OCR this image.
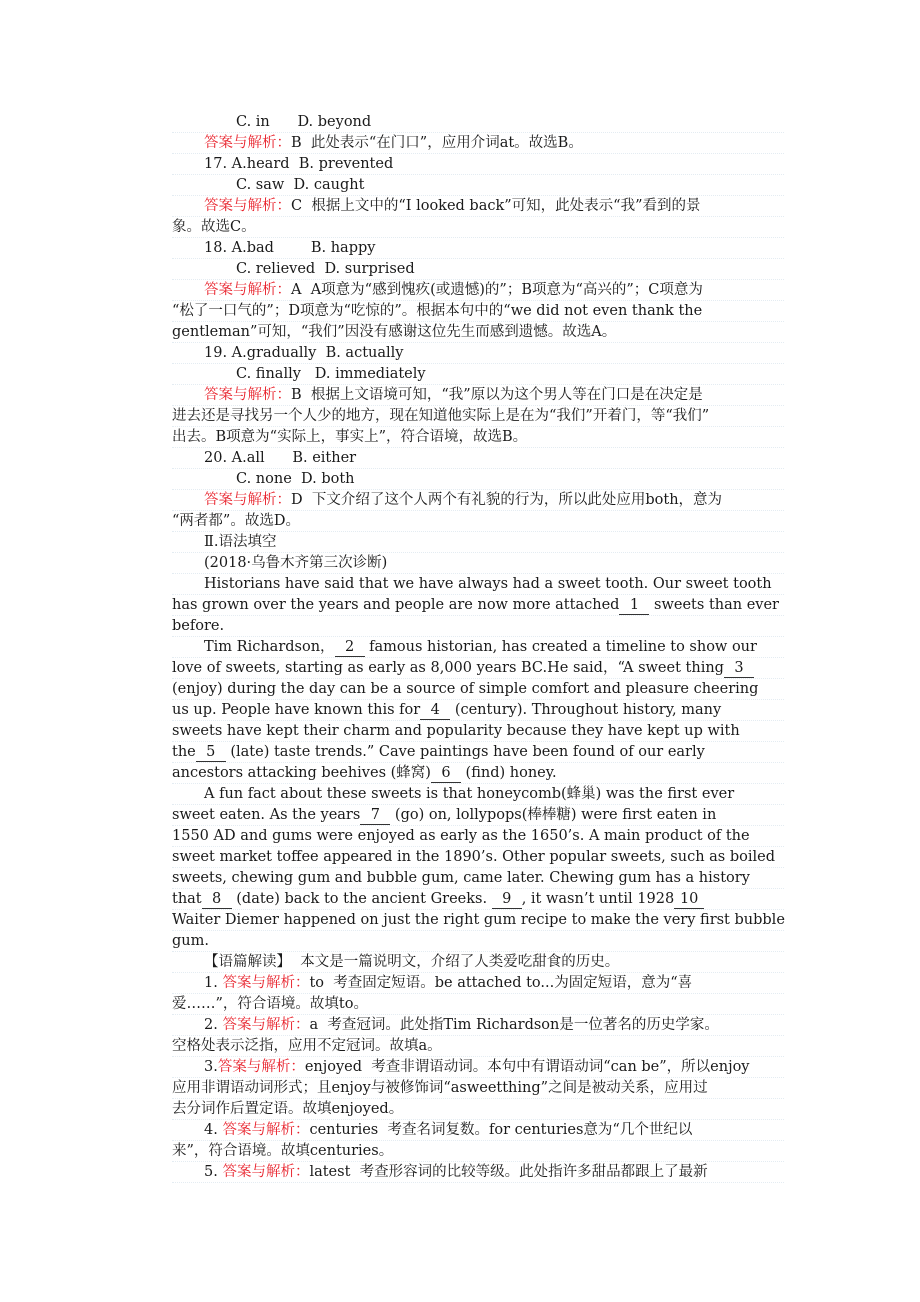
C. in D. beyond
答案与解析：B 此处表示“在门口”，应用介词at。故选B。
17. A.heard B. prevented
C. saw D. caught
答案与解析：C 根据上文中的“I looked back”可知，此处表示“我”看到的景
象。故选C。
18. A.bad	B. happy
C. relieved D. surprised
答案与解析：A A项意为“感到愧疚(或遗憾)的”；B项意为“高兴的”；C项意为
“松了一口气的”；D项意为“吃惊的”。根据本句中的“we did not even thank the
gentleman”可知，“我们”因没有感谢这位先生而感到遗憾。故选A。
19. A.gradually B. actually
C. finally D. immediately
答案与解析：B 根据上文语境可知，“我”原以为这个男人等在门口是在决定是
进去还是寻找另一个人少的地方，现在知道他实际上是在为“我们”开着门，等“我们”
出去。B项意为“实际上，事实上”，符合语境，故选B。
20. A.all B. either
C. none D. both
答案与解析：D 下文介绍了这个人两个有礼貌的行为，所以此处应用both，意为
“两者都”。故选D。
Ⅱ.语法填空
(2018·乌鲁木齐第三次诊断)
Historians have said that we have always had a sweet tooth. Our sweet tooth
has grown over the years and people are now more attached 1 sweets than ever
before.
Tim Richardson， 2 famous historian, has created a timeline to show our
love of sweets, starting as early as 8,000 years BC.He said，“A sweet thing 3
(enjoy) during the day can be a source of simple comfort and pleasure cheering
us up. People have known this for 4 (century). Throughout history, many
sweets have kept their charm and popularity because they have kept up with
the 5 (late) taste trends.” Cave paintings have been found of our early
ancestors attacking beehives (蜂窝) 6 (find) honey.
A fun fact about these sweets is that honeycomb(蜂巢) was the first ever
sweet eaten. As the years 7 (go) on, lollypops(棒棒糖) were first eaten in
1550 AD and gums were enjoyed as early as the 1650’s. A main product of the
sweet market toffee appeared in the 1890’s. Other popular sweets, such as boiled
sweets, chewing gum and bubble gum, came later. Chewing gum has a history
that 8 (date) back to the ancient Greeks. 9 , it wasn’t until 1928 10
Waiter Diemer happened on just the right gum recipe to make the very first bubble
gum.
【语篇解读】 本文是一篇说明文，介绍了人类爱吃甜食的历史。
1. 答案与解析：to 考查固定短语。be attached to...为固定短语，意为“喜
爱……”，符合语境。故填to。
2. 答案与解析：a 考查冠词。此处指Tim Richardson是一位著名的历史学家。
空格处表示泛指，应用不定冠词。故填a。
3.答案与解析：enjoyed 考查非谓语动词。本句中有谓语动词“can be”，所以enjoy
应用非谓语动词形式；且enjoy与被修饰词“asweetthing”之间是被动关系，应用过
去分词作后置定语。故填enjoyed。
4. 答案与解析：centuries 考查名词复数。for centuries意为“几个世纪以
来”，符合语境。故填centuries。
5. 答案与解析：latest 考查形容词的比较等级。此处指许多甜品都跟上了最新
